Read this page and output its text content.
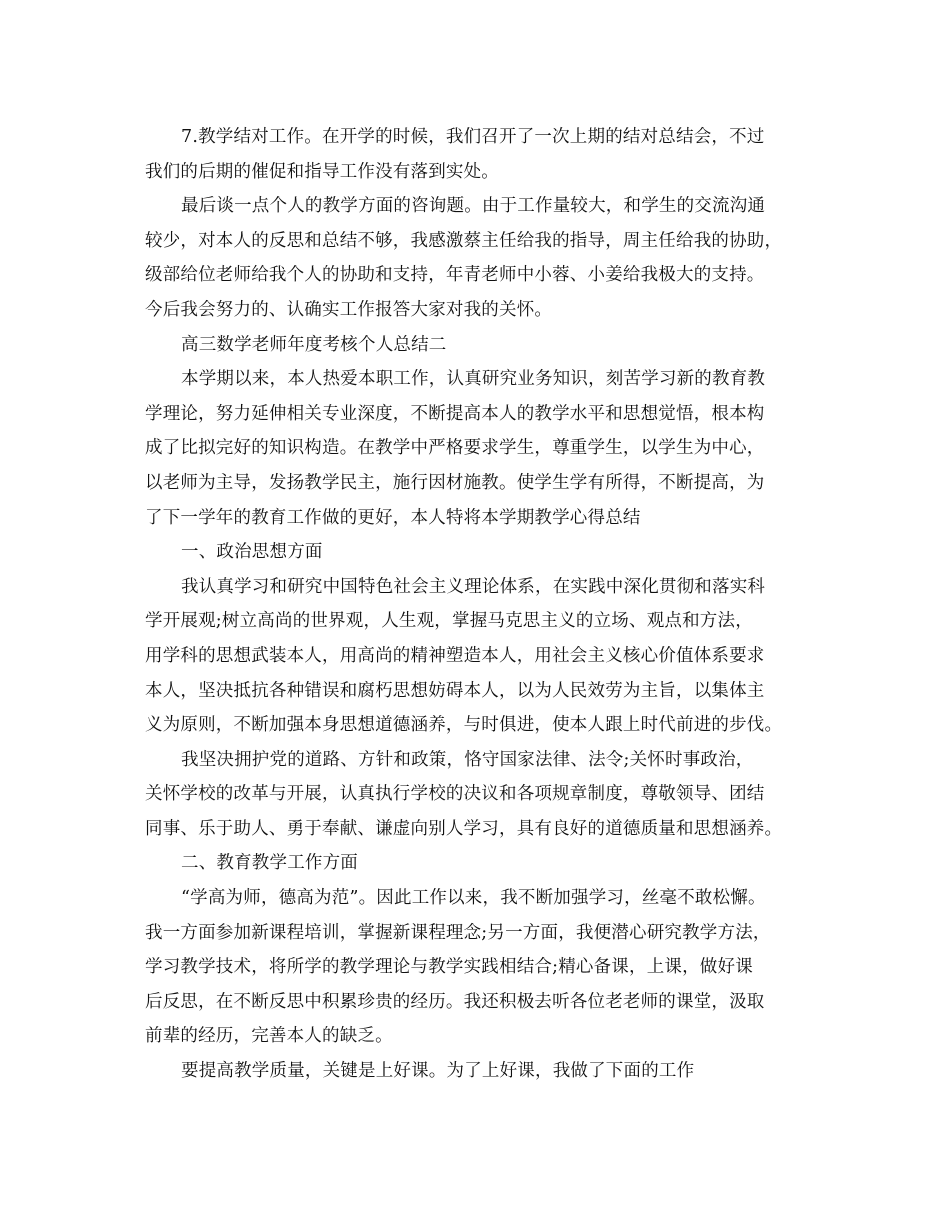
7.教学结对工作。在开学的时候，我们召开了一次上期的结对总结会，不过
我们的后期的催促和指导工作没有落到实处。
最后谈一点个人的教学方面的咨询题。由于工作量较大，和学生的交流沟通
较少，对本人的反思和总结不够，我感激蔡主任给我的指导，周主任给我的协助，
级部给位老师给我个人的协助和支持，年青老师中小蓉、小姜给我极大的支持。
今后我会努力的、认确实工作报答大家对我的关怀。
高三数学老师年度考核个人总结二
本学期以来，本人热爱本职工作，认真研究业务知识，刻苦学习新的教育教
学理论，努力延伸相关专业深度，不断提高本人的教学水平和思想觉悟，根本构
成了比拟完好的知识构造。在教学中严格要求学生，尊重学生，以学生为中心，
以老师为主导，发扬教学民主，施行因材施教。使学生学有所得，不断提高，为
了下一学年的教育工作做的更好，本人特将本学期教学心得总结
一、政治思想方面
我认真学习和研究中国特色社会主义理论体系，在实践中深化贯彻和落实科
学开展观;树立高尚的世界观，人生观，掌握马克思主义的立场、观点和方法，
用学科的思想武装本人，用高尚的精神塑造本人，用社会主义核心价值体系要求
本人，坚决抵抗各种错误和腐朽思想妨碍本人，以为人民效劳为主旨，以集体主
义为原则，不断加强本身思想道德涵养，与时俱进，使本人跟上时代前进的步伐。
我坚决拥护党的道路、方针和政策，恪守国家法律、法令;关怀时事政治，
关怀学校的改革与开展，认真执行学校的决议和各项规章制度，尊敬领导、团结
同事、乐于助人、勇于奉献、谦虚向别人学习，具有良好的道德质量和思想涵养。
二、教育教学工作方面
“学高为师，德高为范”。因此工作以来，我不断加强学习，丝毫不敢松懈。
我一方面参加新课程培训，掌握新课程理念;另一方面，我便潜心研究教学方法，
学习教学技术，将所学的教学理论与教学实践相结合;精心备课，上课，做好课
后反思，在不断反思中积累珍贵的经历。我还积极去听各位老老师的课堂，汲取
前辈的经历，完善本人的缺乏。
要提高教学质量，关键是上好课。为了上好课，我做了下面的工作
